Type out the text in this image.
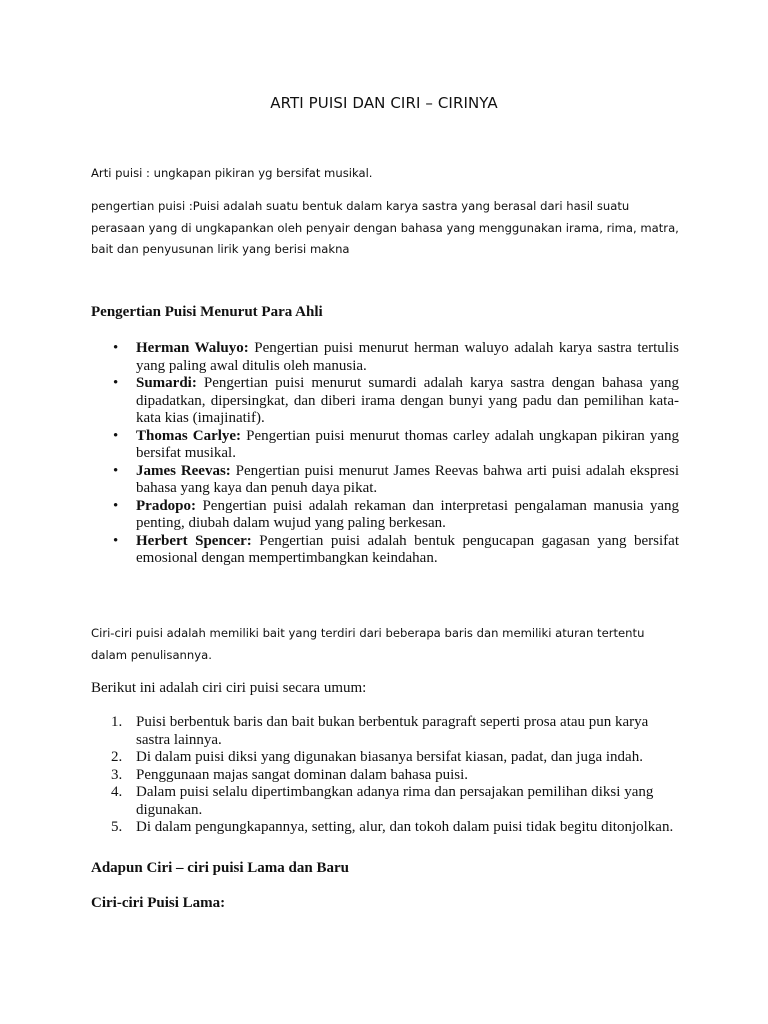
ARTI PUISI DAN CIRI – CIRINYA
Arti puisi : ungkapan pikiran yg bersifat musikal.
pengertian puisi :Puisi adalah suatu bentuk dalam karya sastra yang berasal dari hasil suatu perasaan yang di ungkapankan oleh penyair dengan bahasa yang menggunakan irama, rima, matra, bait dan penyusunan lirik yang berisi makna
Pengertian Puisi Menurut Para Ahli
• Herman Waluyo: Pengertian puisi menurut herman waluyo adalah karya sastra tertulis yang paling awal ditulis oleh manusia.
• Sumardi: Pengertian puisi menurut sumardi adalah karya sastra dengan bahasa yang dipadatkan, dipersingkat, dan diberi irama dengan bunyi yang padu dan pemilihan kata-kata kias (imajinatif).
• Thomas Carlye: Pengertian puisi menurut thomas carley adalah ungkapan pikiran yang bersifat musikal.
• James Reevas: Pengertian puisi menurut James Reevas bahwa arti puisi adalah ekspresi bahasa yang kaya dan penuh daya pikat.
• Pradopo: Pengertian puisi adalah rekaman dan interpretasi pengalaman manusia yang penting, diubah dalam wujud yang paling berkesan.
• Herbert Spencer: Pengertian puisi adalah bentuk pengucapan gagasan yang bersifat emosional dengan mempertimbangkan keindahan.
Ciri-ciri puisi adalah memiliki bait yang terdiri dari beberapa baris dan memiliki aturan tertentu dalam penulisannya.
Berikut ini adalah ciri ciri puisi secara umum:
1. Puisi berbentuk baris dan bait bukan berbentuk paragraft seperti prosa atau pun karya sastra lainnya.
2. Di dalam puisi diksi yang digunakan biasanya bersifat kiasan, padat, dan juga indah.
3. Penggunaan majas sangat dominan dalam bahasa puisi.
4. Dalam puisi selalu dipertimbangkan adanya rima dan persajakan pemilihan diksi yang digunakan.
5. Di dalam pengungkapannya, setting, alur, dan tokoh dalam puisi tidak begitu ditonjolkan.
Adapun Ciri – ciri puisi Lama dan Baru
Ciri-ciri Puisi Lama:
